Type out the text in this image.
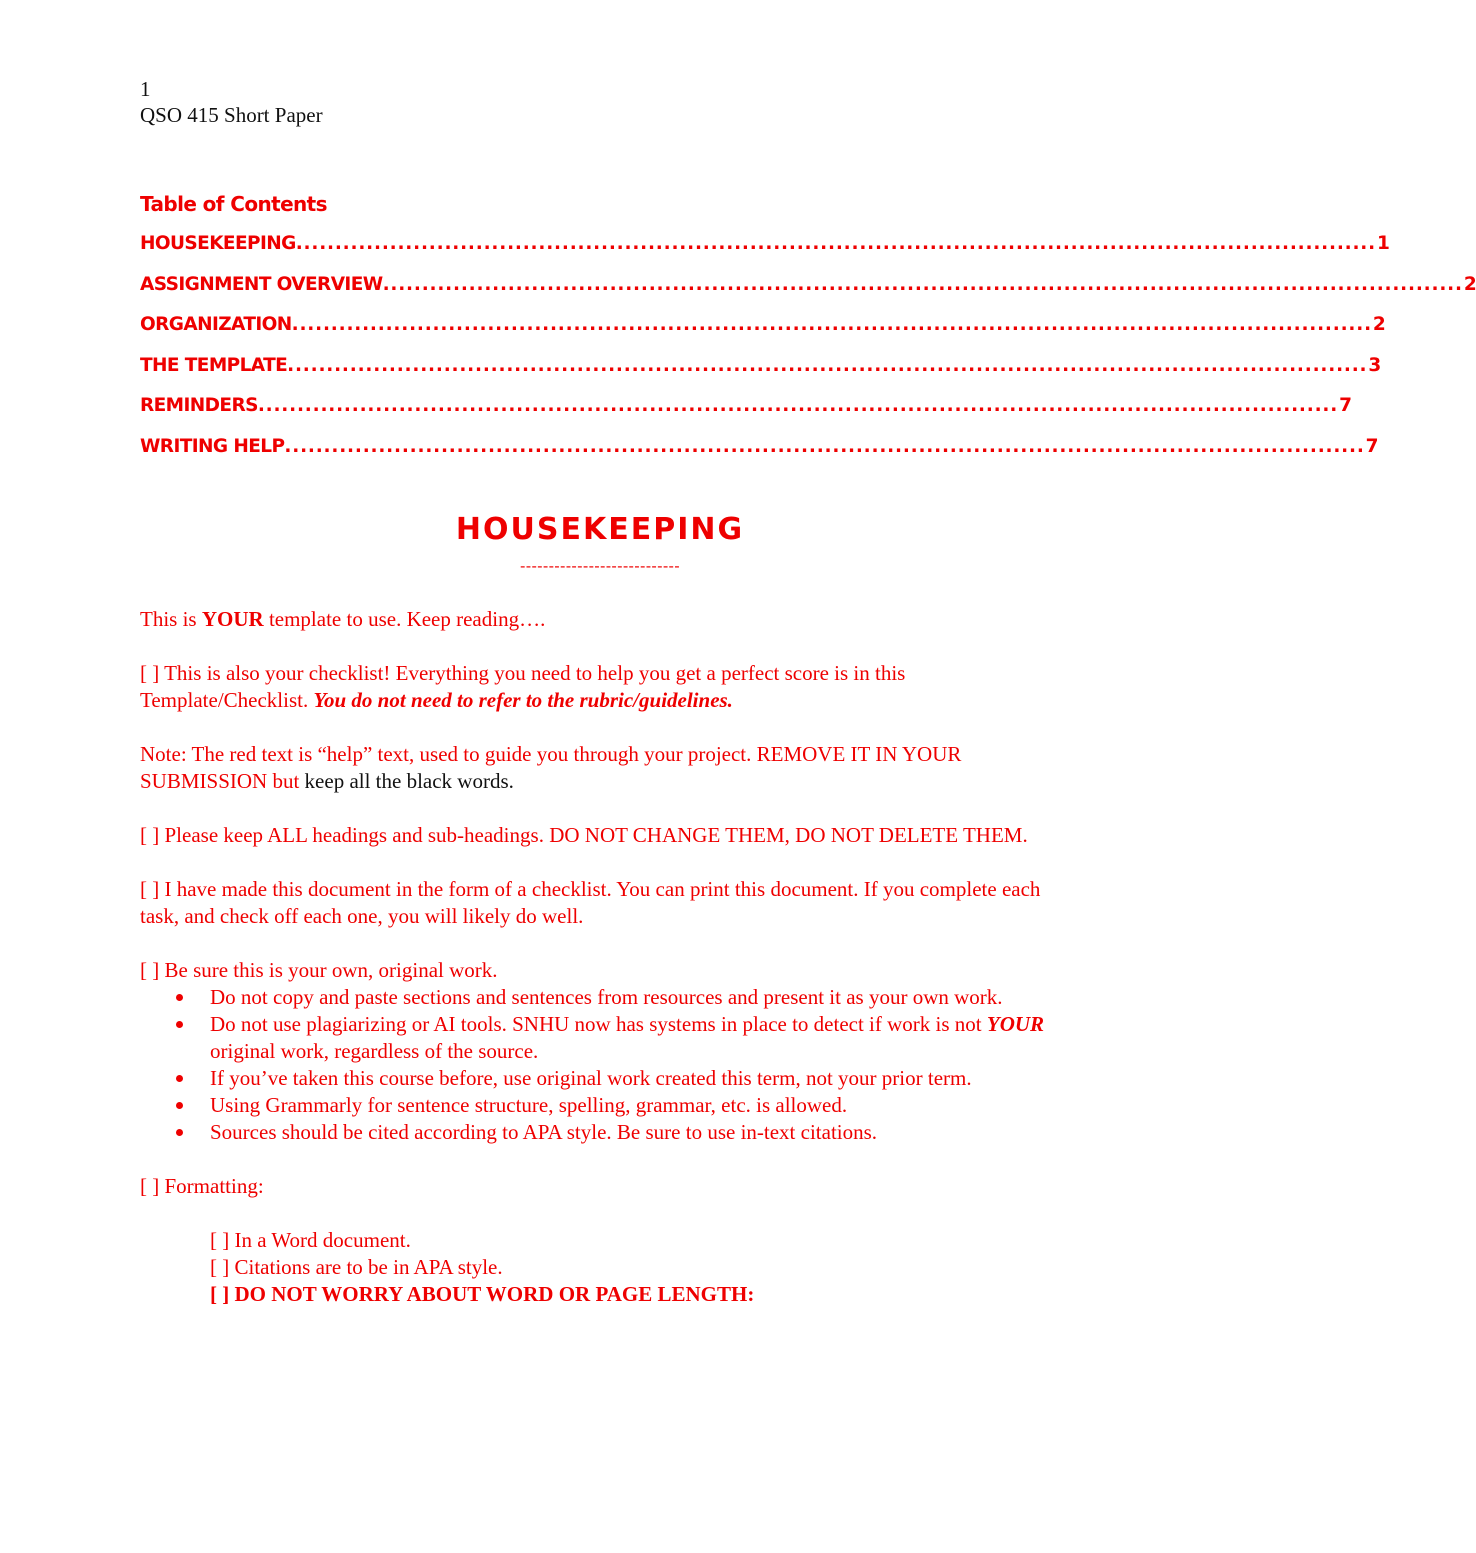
1
QSO 415 Short Paper
Table of Contents
HOUSEKEEPING .......................................................................................................................................... 1
ASSIGNMENT OVERVIEW .......................................................................................................................................... 2
ORGANIZATION .......................................................................................................................................... 2
THE TEMPLATE .......................................................................................................................................... 3
REMINDERS .......................................................................................................................................... 7
WRITING HELP .......................................................................................................................................... 7
HOUSEKEEPING
----------------------------

This is YOUR template to use. Keep reading….

[ ] This is also your checklist! Everything you need to help you get a perfect score is in this Template/Checklist. You do not need to refer to the rubric/guidelines.

Note: The red text is “help” text, used to guide you through your project. REMOVE IT IN YOUR SUBMISSION but keep all the black words.

[ ] Please keep ALL headings and sub-headings. DO NOT CHANGE THEM, DO NOT DELETE THEM.

[ ] I have made this document in the form of a checklist. You can print this document. If you complete each task, and check off each one, you will likely do well.

[ ] Be sure this is your own, original work.

Do not copy and paste sections and sentences from resources and present it as your own work.
Do not use plagiarizing or AI tools. SNHU now has systems in place to detect if work is not YOUR original work, regardless of the source.
If you’ve taken this course before, use original work created this term, not your prior term.
Using Grammarly for sentence structure, spelling, grammar, etc. is allowed.
Sources should be cited according to APA style. Be sure to use in-text citations.

[ ] Formatting:

[ ] In a Word document.
[ ] Citations are to be in APA style.
[ ] DO NOT WORRY ABOUT WORD OR PAGE LENGTH:
